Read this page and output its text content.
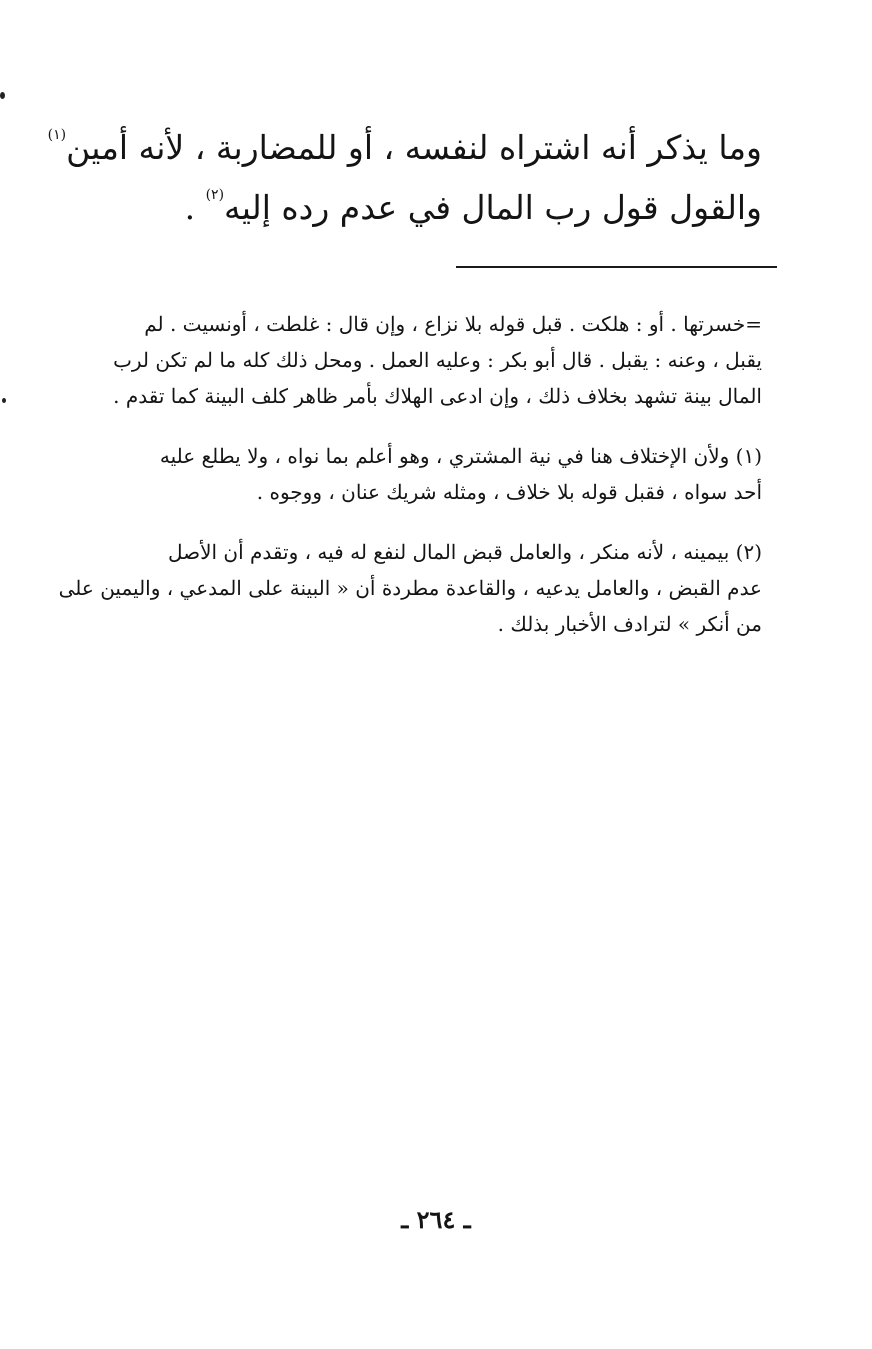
وما يذكر أنه اشتراه لنفسه ، أو للمضاربة ، لأنه أمين$^{(١)}$

والقول قول رب المال في عدم رده إليه$^{(٢)}$ .

=خسرتها . أو : هلكت . قبل قوله بلا نزاع ، وإن قال : غلطت ، أونسيت . لم

يقبل ، وعنه : يقبل . قال أبو بكر : وعليه العمل . ومحل ذلك كله ما لم تكن لرب

المال بينة تشهد بخلاف ذلك ، وإن ادعى الهلاك بأمر ظاهر كلف البينة كما تقدم .

(١) ولأن الإختلاف هنا في نية المشتري ، وهو أعلم بما نواه ، ولا يطلع عليه

أحد سواه ، فقبل قوله بلا خلاف ، ومثله شريك عنان ، ووجوه .

(٢) بيمينه ، لأنه منكر ، والعامل قبض المال لنفع له فيه ، وتقدم أن الأصل

عدم القبض ، والعامل يدعيه ، والقاعدة مطردة أن « البينة على المدعي ، واليمين على

من أنكر » لترادف الأخبار بذلك .

ـ ٢٦٤ ـ
